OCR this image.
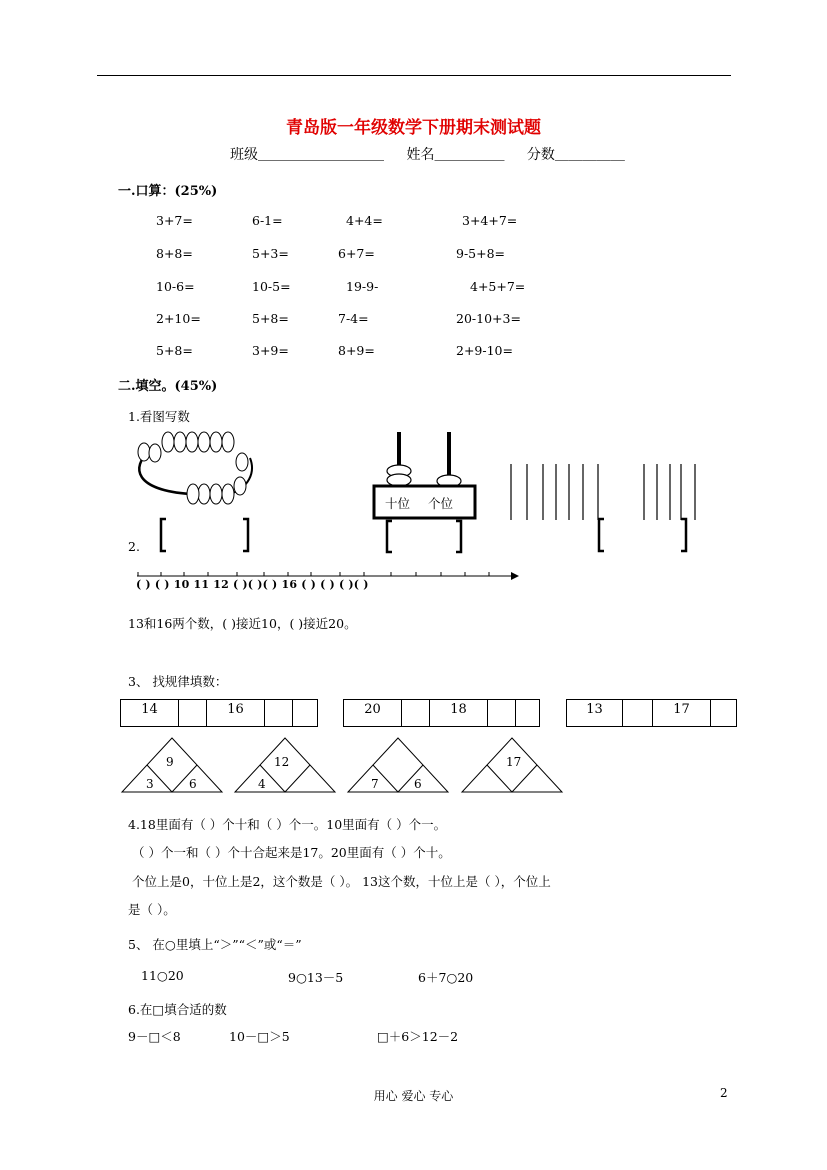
青岛版一年级数学下册期末测试题
班级＿＿＿＿＿＿＿＿＿ 姓名＿＿＿＿＿ 分数＿＿＿＿＿
一.口算：(25%)
3+7=	6-1=	4+4=	3+4+7=
8+8=	5+3=	6+7=	9-5+8=
10-6=	10-5=	19-9-	4+5+7=
2+10=	5+8=	7-4=	20-10+3=
5+8=	3+9=	8+9=	2+9-10=
二.填空。(45%)
1.看图写数
十位 个位
2.
( ) ( ) 10 11 12 ( )( )( ) 16 ( ) ( ) ( )( )
13和16两个数，( )接近10，( )接近20。
3、 找规律填数：
14	16	20	18	13	17
9
3	6
12
4	7	6
17
4.18里面有（ ）个十和（ ）个一。10里面有（ ）个一。
（ ）个一和（ ）个十合起来是17。20里面有（ ）个十。
个位上是0，十位上是2，这个数是（ ）。 13这个数，十位上是（ ），个位上
是（ ）。
5、 在○里填上“＞”“＜”或“＝”
11○20	9○13－5	6＋7○20
6.在□填合适的数
9－□＜8	10－□＞5	□＋6＞12－2
用心 爱心 专心	2
